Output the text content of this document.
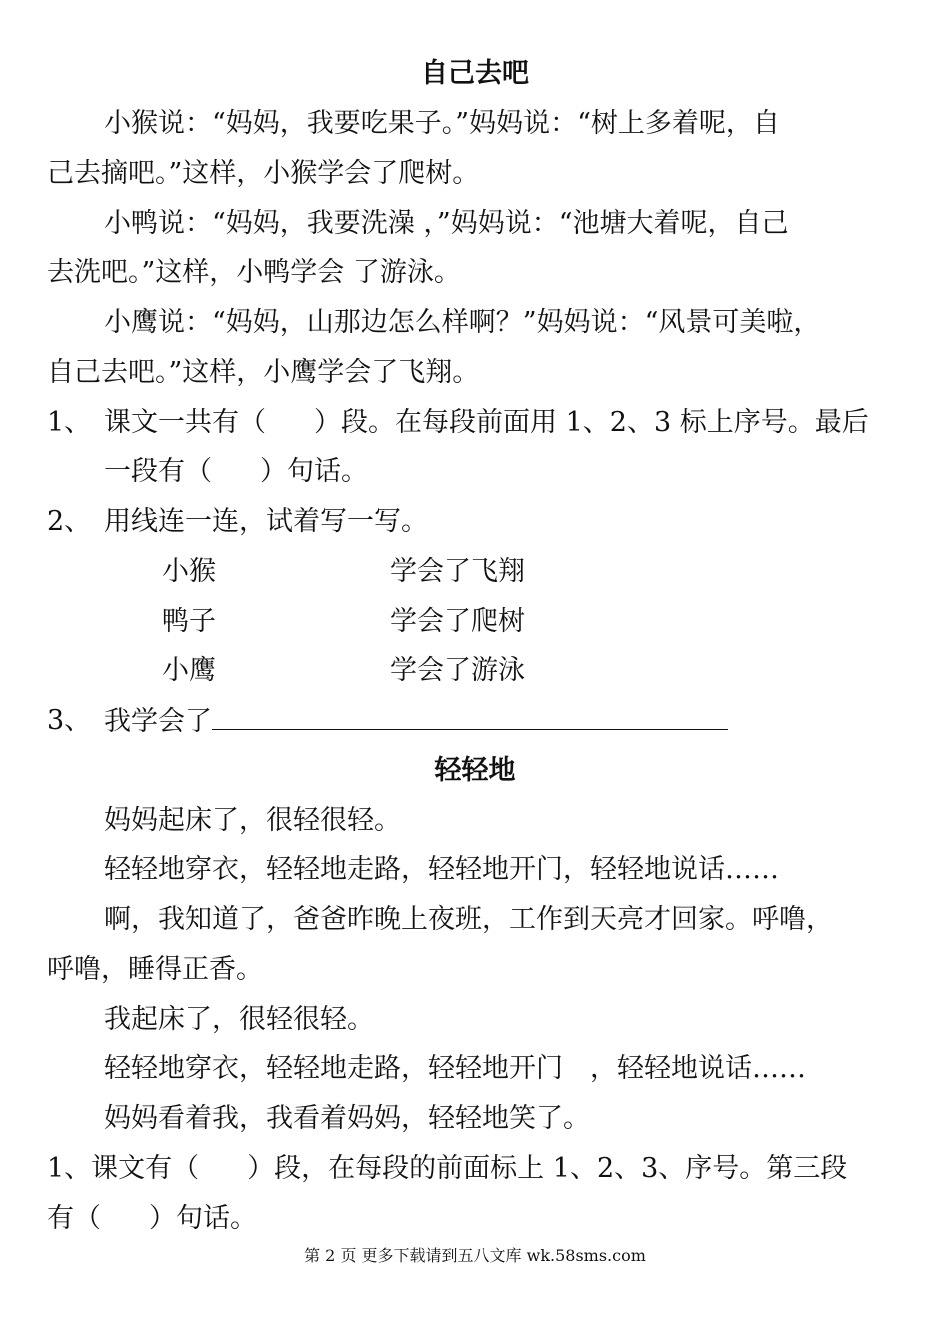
自己去吧
小猴说：“妈妈，我要吃果子。”妈妈说：“树上多着呢，自
己去摘吧。”这样，小猴学会了爬树。
小鸭说：“妈妈，我要洗澡 ，”妈妈说：“池塘大着呢，自己
去洗吧。”这样，小鸭学会 了游泳。
小鹰说：“妈妈，山那边怎么样啊？”妈妈说：“风景可美啦，
自己去吧。”这样，小鹰学会了飞翔。
1、 课文一共有（ ）段。在每段前面用 1、2、3 标上序号。最后
一段有（ ）句话。
2、 用线连一连，试着写一写。
小猴	学会了飞翔
鸭子	学会了爬树
小鹰	学会了游泳
3、 我学会了
轻轻地
妈妈起床了，很轻很轻。
轻轻地穿衣，轻轻地走路，轻轻地开门，轻轻地说话……
啊，我知道了，爸爸昨晚上夜班，工作到天亮才回家。呼噜，
呼噜，睡得正香。
我起床了，很轻很轻。
轻轻地穿衣，轻轻地走路，轻轻地开门　，轻轻地说话……
妈妈看着我，我看着妈妈，轻轻地笑了。
1、课文有（ ）段，在每段的前面标上 1、2、3、序号。第三段
有（ ）句话。
第 2 页 更多下载请到五八文库 wk.58sms.com
